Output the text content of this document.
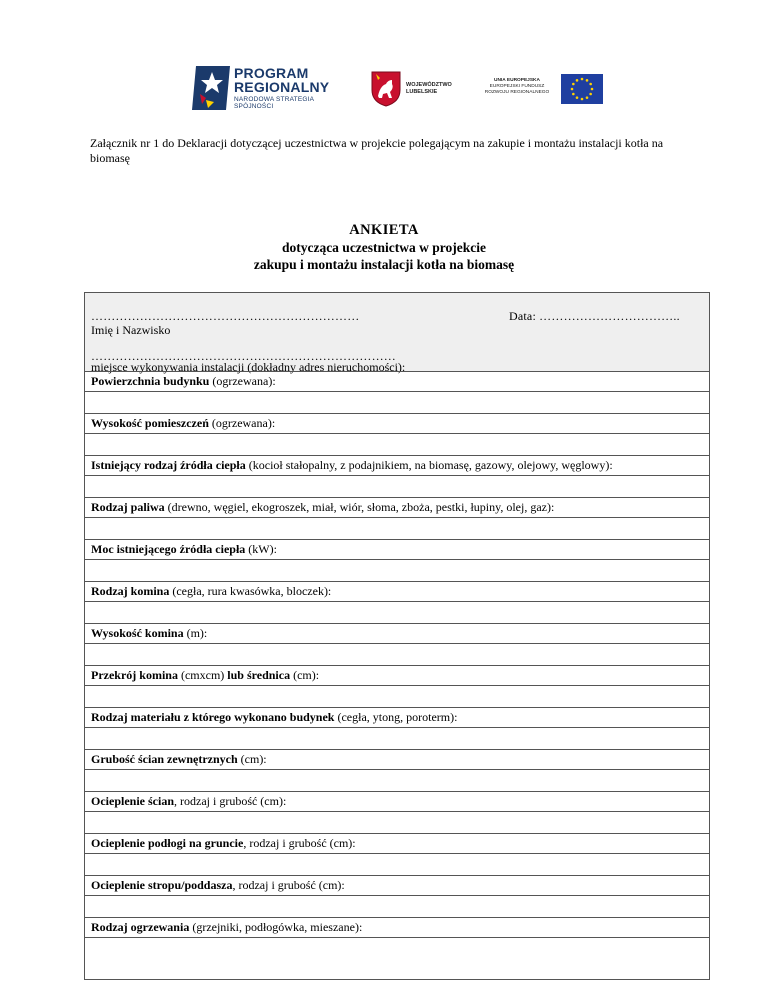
PROGRAM
REGIONALNY
NARODOWA STRATEGIA SPÓJNOŚCI
WOJEWÓDZTWO
LUBELSKIE
UNIA EUROPEJSKA
EUROPEJSKI FUNDUSZ
ROZWOJU REGIONALNEGO
Załącznik nr 1 do Deklaracji dotyczącej uczestnictwa w projekcie polegającym na zakupie i montażu instalacji kotła na biomasę
ANKIETA
dotycząca uczestnictwa w projekcie
zakupu i montażu instalacji kotła na biomasę
…………………………………………………………
Imię i Nazwisko
Data: ……………………………..
…………………………………………………………………
miejsce wykonywania instalacji (dokładny adres nieruchomości):
Powierzchnia budynku (ogrzewana):
Wysokość pomieszczeń (ogrzewana):
Istniejący rodzaj źródła ciepła (kocioł stałopalny, z podajnikiem, na biomasę, gazowy, olejowy, węglowy):
Rodzaj paliwa (drewno, węgiel, ekogroszek, miał, wiór, słoma, zboża, pestki, łupiny, olej, gaz):
Moc istniejącego źródła ciepła (kW):
Rodzaj komina (cegła, rura kwasówka, bloczek):
Wysokość komina (m):
Przekrój komina (cmxcm) lub średnica (cm):
Rodzaj materiału z którego wykonano budynek (cegła, ytong, poroterm):
Grubość ścian zewnętrznych (cm):
Ocieplenie ścian, rodzaj i grubość (cm):
Ocieplenie podłogi na gruncie, rodzaj i grubość (cm):
Ocieplenie stropu/poddasza, rodzaj i grubość (cm):
Rodzaj ogrzewania (grzejniki, podłogówka, mieszane):
